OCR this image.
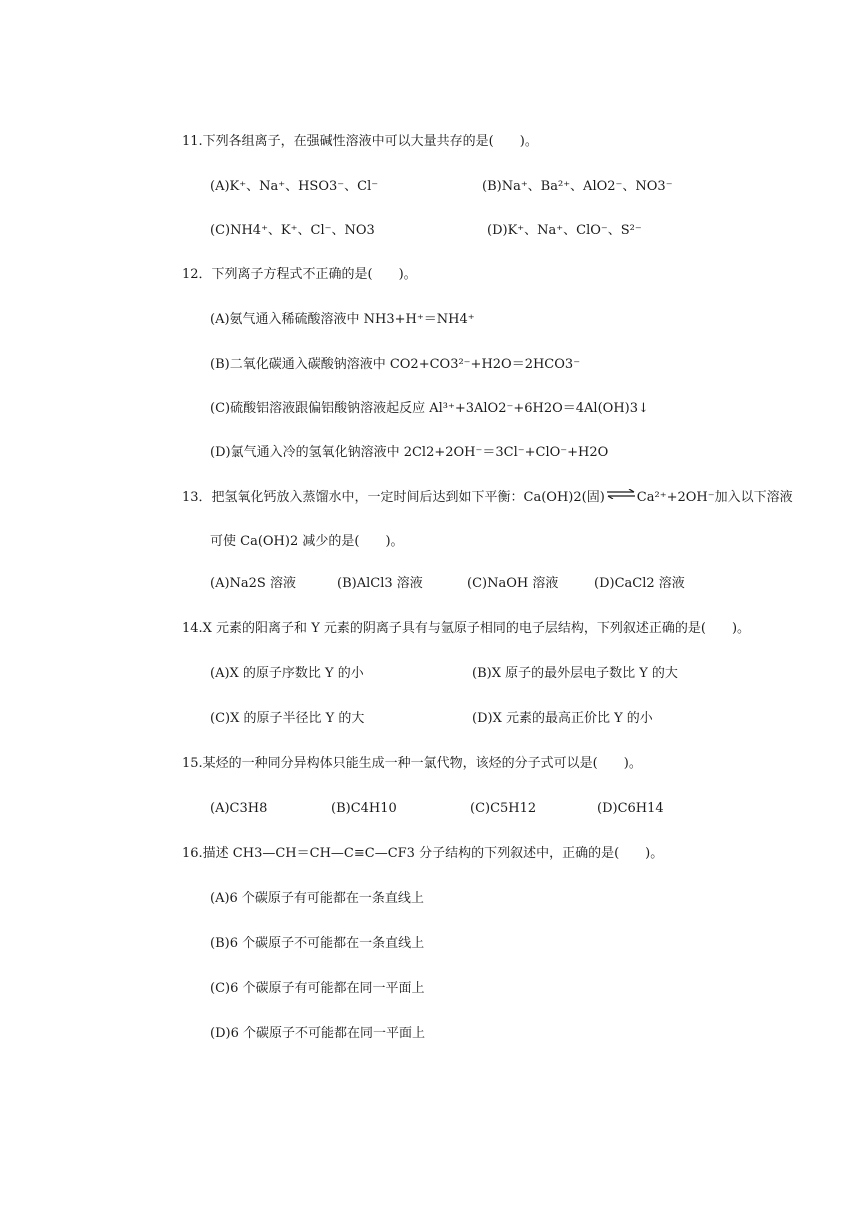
11.下列各组离子，在强碱性溶液中可以大量共存的是(　　)。
(A)K⁺、Na⁺、HSO3⁻、Cl⁻	(B)Na⁺、Ba²⁺、AlO2⁻、NO3⁻
(C)NH4⁺、K⁺、Cl⁻、NO3	(D)K⁺、Na⁺、ClO⁻、S²⁻
12．下列离子方程式不正确的是(　　)。
(A)氨气通入稀硫酸溶液中 NH3+H⁺＝NH4⁺
(B)二氧化碳通入碳酸钠溶液中 CO2+CO3²⁻+H2O＝2HCO3⁻
(C)硫酸铝溶液跟偏铝酸钠溶液起反应 Al³⁺+3AlO2⁻+6H2O＝4Al(OH)3↓
(D)氯气通入冷的氢氧化钠溶液中 2Cl2+2OH⁻＝3Cl⁻+ClO⁻+H2O
13．把氢氧化钙放入蒸馏水中，一定时间后达到如下平衡：Ca(OH)2(固)⇌Ca²⁺+2OH⁻加入以下溶液
可使 Ca(OH)2 减少的是(　　)。
(A)Na2S 溶液	(B)AlCl3 溶液	(C)NaOH 溶液	(D)CaCl2 溶液
14.X 元素的阳离子和 Y 元素的阴离子具有与氩原子相同的电子层结构，下列叙述正确的是(　　)。
(A)X 的原子序数比 Y 的小	(B)X 原子的最外层电子数比 Y 的大
(C)X 的原子半径比 Y 的大	(D)X 元素的最高正价比 Y 的小
15.某烃的一种同分异构体只能生成一种一氯代物，该烃的分子式可以是(　　)。
(A)C3H8	(B)C4H10	(C)C5H12	(D)C6H14
16.描述 CH3—CH＝CH—C≡C—CF3 分子结构的下列叙述中，正确的是(　　)。
(A)6 个碳原子有可能都在一条直线上
(B)6 个碳原子不可能都在一条直线上
(C)6 个碳原子有可能都在同一平面上
(D)6 个碳原子不可能都在同一平面上
